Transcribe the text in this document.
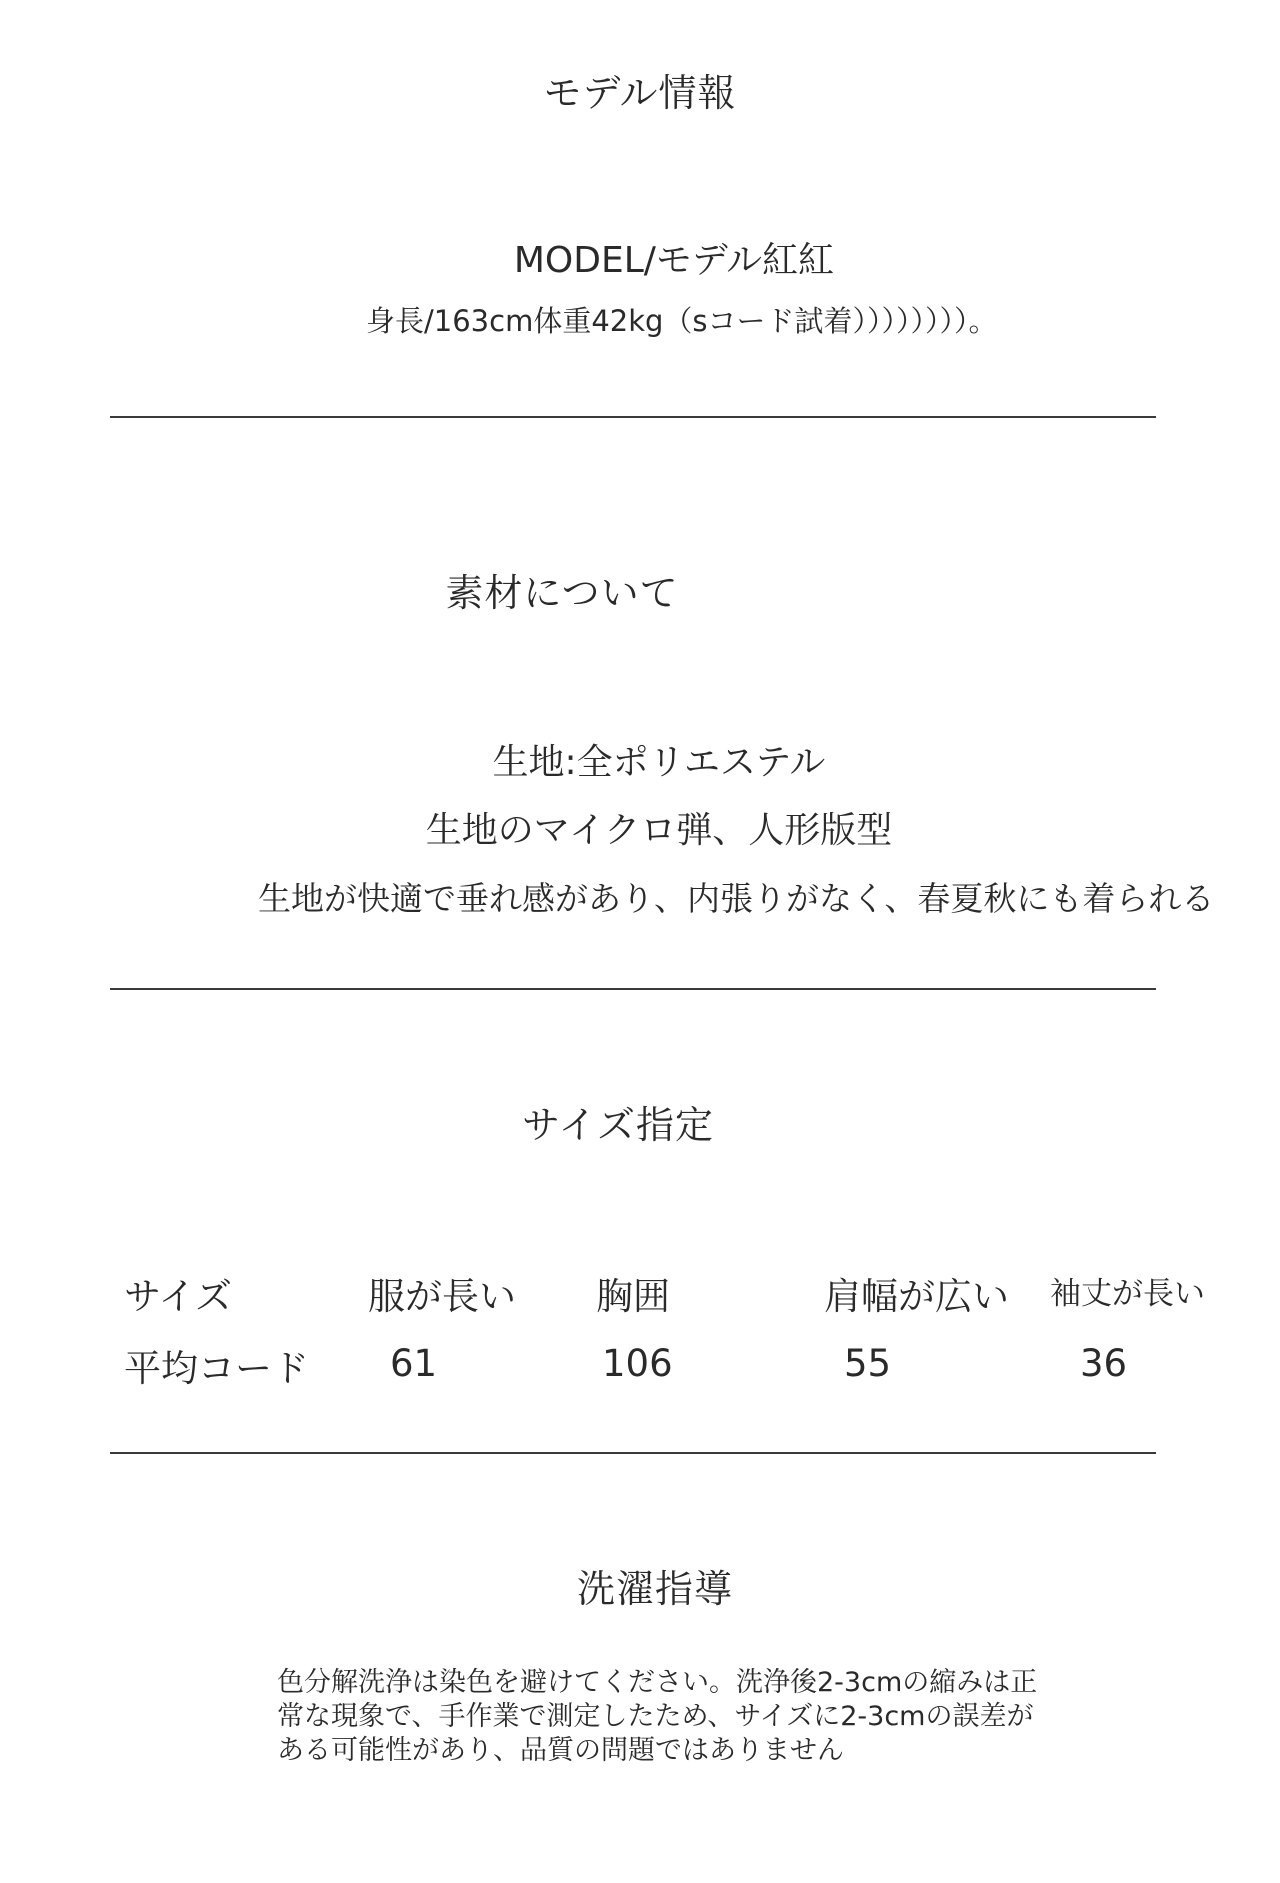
モデル情報
MODEL/モデル紅紅
身長/163cm体重42kg（sコード試着））））））））。
素材について
生地:全ポリエステル
生地のマイクロ弾、人形版型
生地が快適で垂れ感があり、内張りがなく、春夏秋にも着られる
サイズ指定
サイズ	服が長い 胸囲	肩幅が広い 袖丈が長い
平均コード 61	106	55	36
洗濯指導
色分解洗浄は染色を避けてください。洗浄後2-3cmの縮みは正
常な現象で、手作業で測定したため、サイズに2-3cmの誤差が
ある可能性があり、品質の問題ではありません
